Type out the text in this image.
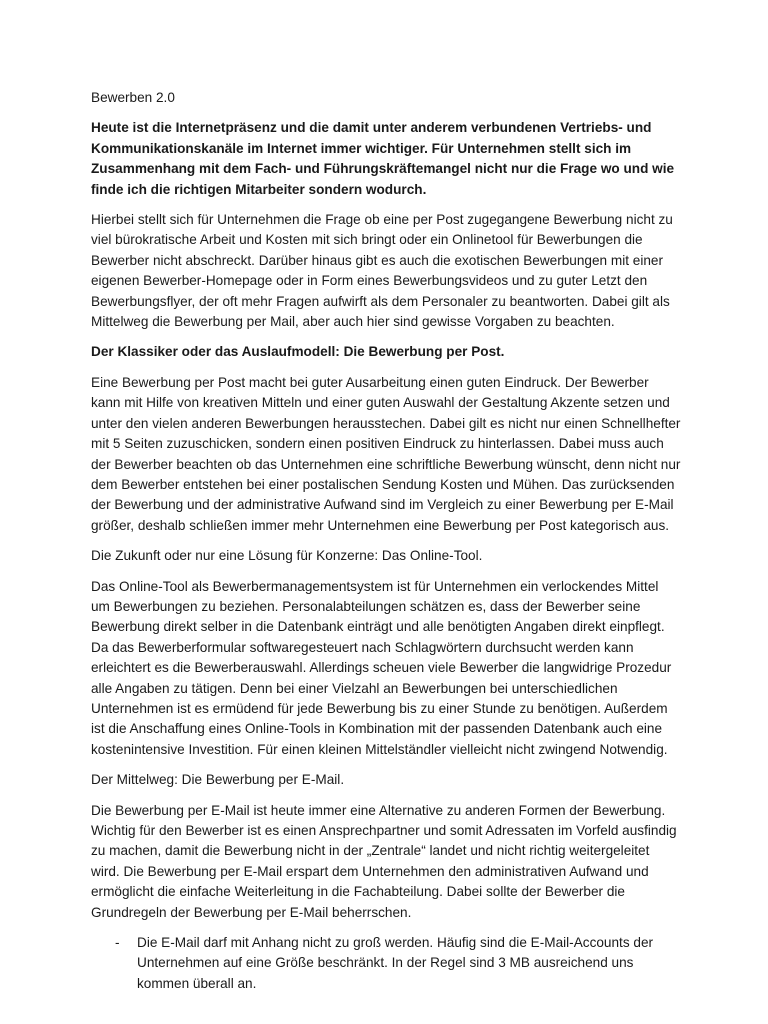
Bewerben 2.0

Heute ist die Internetpräsenz und die damit unter anderem verbundenen Vertriebs- und Kommunikationskanäle im Internet immer wichtiger. Für Unternehmen stellt sich im Zusammenhang mit dem Fach- und Führungskräftemangel nicht nur die Frage wo und wie finde ich die richtigen Mitarbeiter sondern wodurch.

Hierbei stellt sich für Unternehmen die Frage ob eine per Post zugegangene Bewerbung nicht zu viel bürokratische Arbeit und Kosten mit sich bringt oder ein Onlinetool für Bewerbungen die Bewerber nicht abschreckt. Darüber hinaus gibt es auch die exotischen Bewerbungen mit einer eigenen Bewerber-Homepage oder in Form eines Bewerbungsvideos und zu guter Letzt den Bewerbungsflyer, der oft mehr Fragen aufwirft als dem Personaler zu beantworten. Dabei gilt als Mittelweg die Bewerbung per Mail, aber auch hier sind gewisse Vorgaben zu beachten.

Der Klassiker oder das Auslaufmodell: Die Bewerbung per Post.

Eine Bewerbung per Post macht bei guter Ausarbeitung einen guten Eindruck. Der Bewerber kann mit Hilfe von kreativen Mitteln und einer guten Auswahl der Gestaltung Akzente setzen und unter den vielen anderen Bewerbungen herausstechen. Dabei gilt es nicht nur einen Schnellhefter mit 5 Seiten zuzuschicken, sondern einen positiven Eindruck zu hinterlassen. Dabei muss auch der Bewerber beachten ob das Unternehmen eine schriftliche Bewerbung wünscht, denn nicht nur dem Bewerber entstehen bei einer postalischen Sendung Kosten und Mühen. Das zurücksenden der Bewerbung und der administrative Aufwand sind im Vergleich zu einer Bewerbung per E-Mail größer, deshalb schließen immer mehr Unternehmen eine Bewerbung per Post kategorisch aus.

Die Zukunft oder nur eine Lösung für Konzerne: Das Online-Tool.

Das Online-Tool als Bewerbermanagementsystem ist für Unternehmen ein verlockendes Mittel um Bewerbungen zu beziehen. Personalabteilungen schätzen es, dass der Bewerber seine Bewerbung direkt selber in die Datenbank einträgt und alle benötigten Angaben direkt einpflegt. Da das Bewerberformular softwaregesteuert nach Schlagwörtern durchsucht werden kann erleichtert es die Bewerberauswahl. Allerdings scheuen viele Bewerber die langwidrige Prozedur alle Angaben zu tätigen. Denn bei einer Vielzahl an Bewerbungen bei unterschiedlichen Unternehmen ist es ermüdend für jede Bewerbung bis zu einer Stunde zu benötigen. Außerdem ist die Anschaffung eines Online-Tools in Kombination mit der passenden Datenbank auch eine kostenintensive Investition. Für einen kleinen Mittelständler vielleicht nicht zwingend Notwendig.

Der Mittelweg: Die Bewerbung per E-Mail.

Die Bewerbung per E-Mail ist heute immer eine Alternative zu anderen Formen der Bewerbung. Wichtig für den Bewerber ist es einen Ansprechpartner und somit Adressaten im Vorfeld ausfindig zu machen, damit die Bewerbung nicht in der „Zentrale“ landet und nicht richtig weitergeleitet wird. Die Bewerbung per E-Mail erspart dem Unternehmen den administrativen Aufwand und ermöglicht die einfache Weiterleitung in die Fachabteilung. Dabei sollte der Bewerber die Grundregeln der Bewerbung per E-Mail beherrschen.

- Die E-Mail darf mit Anhang nicht zu groß werden. Häufig sind die E-Mail-Accounts der Unternehmen auf eine Größe beschränkt. In der Regel sind 3 MB ausreichend uns kommen überall an.
